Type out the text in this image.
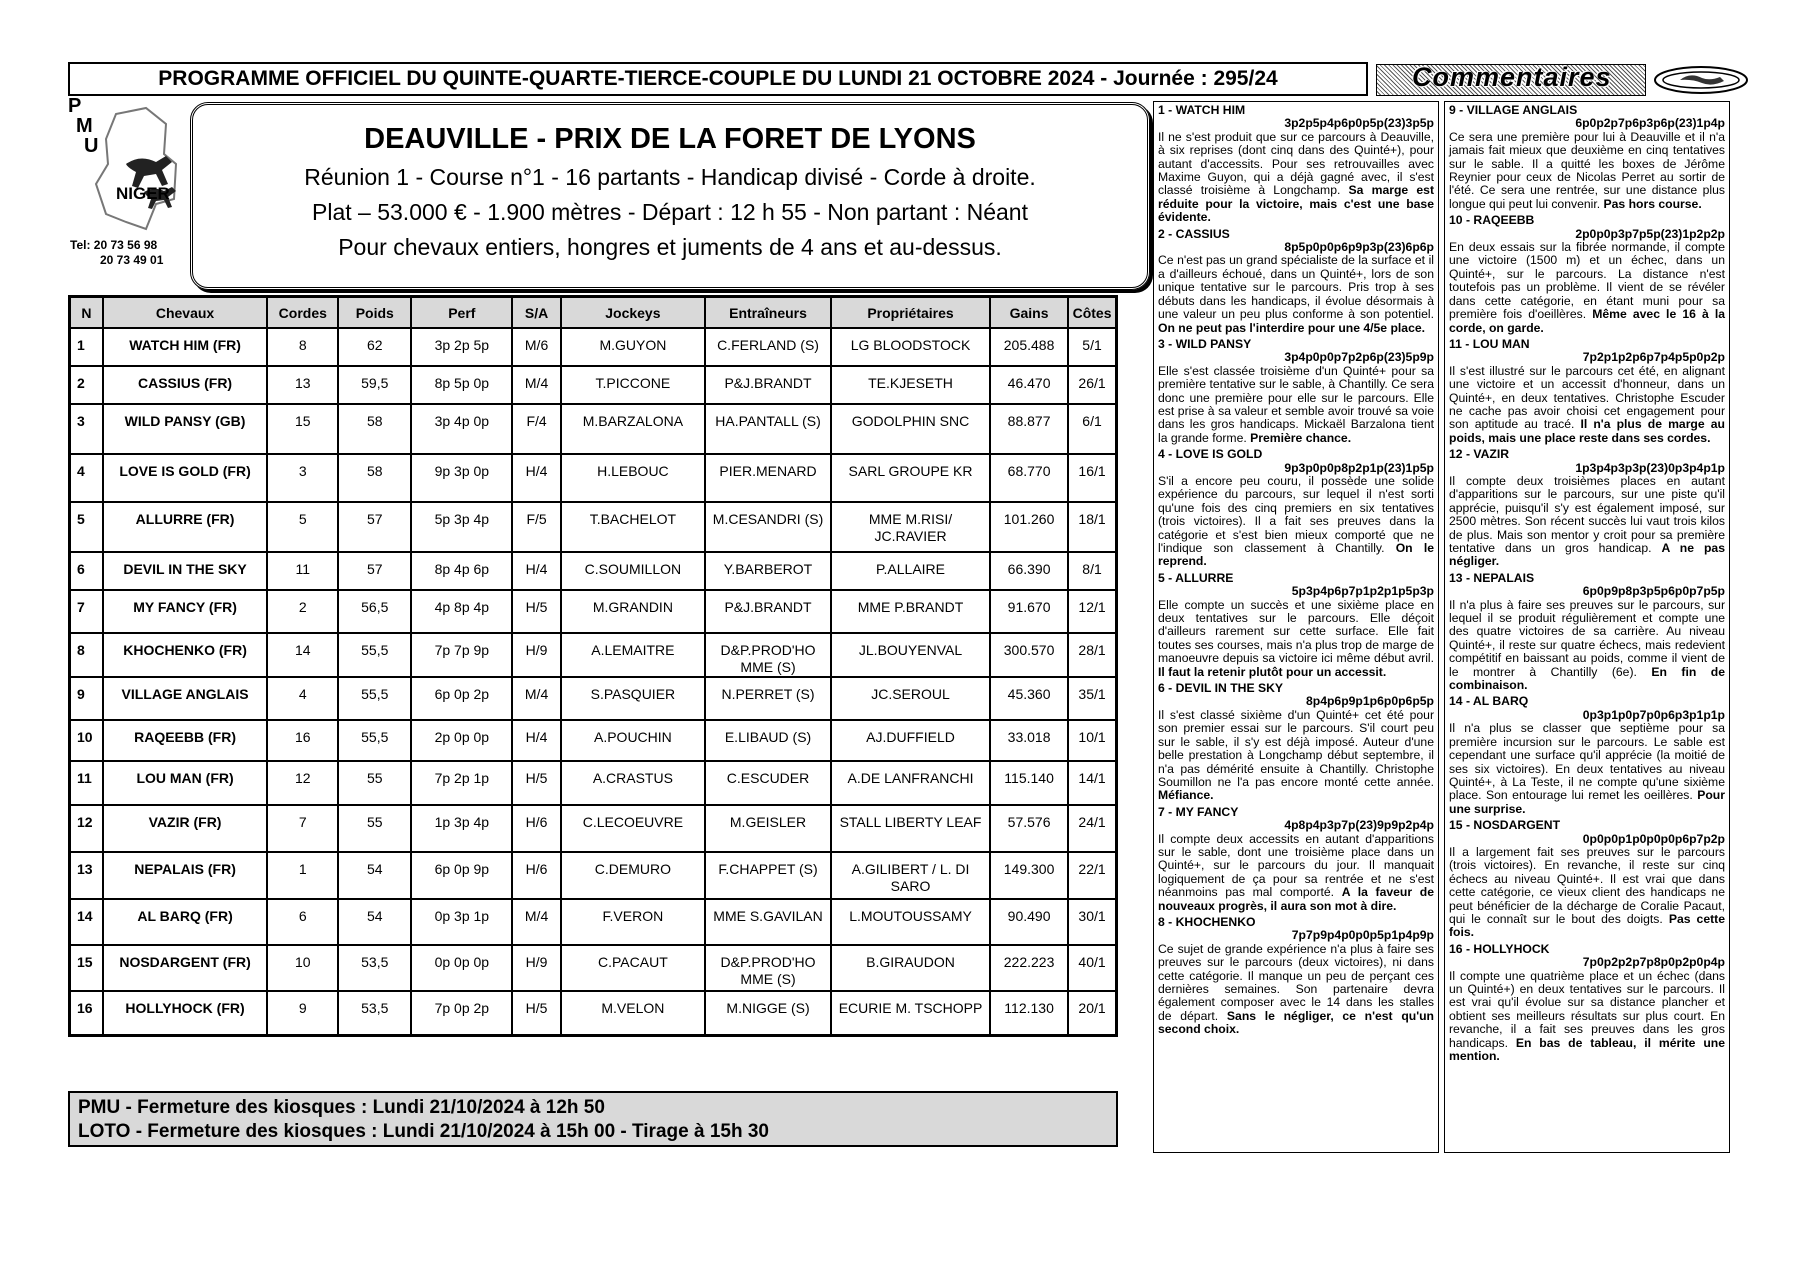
PROGRAMME OFFICIEL DU QUINTE-QUARTE-TIERCE-COUPLE DU LUNDI 21 OCTOBRE 2024 - Journée : 295/24	Commentaires
P
M
U
NIGER
Tel: 20 73 56 98
20 73 49 01
DEAUVILLE - PRIX DE LA FORET DE LYONS
Réunion 1 - Course n°1 - 16 partants - Handicap divisé - Corde à droite.
Plat – 53.000 € - 1.900 mètres - Départ : 12 h 55 - Non partant : Néant
Pour chevaux entiers, hongres et juments de 4 ans et au-dessus.
N	Chevaux	Cordes	Poids	Perf	S/A	Jockeys	Entraîneurs	Propriétaires	Gains	Côtes
1	WATCH HIM (FR)	8	62	3p 2p 5p	M/6	M.GUYON	C.FERLAND (S)	LG BLOODSTOCK	205.488	5/1
2	CASSIUS (FR)	13	59,5	8p 5p 0p	M/4	T.PICCONE	P&J.BRANDT	TE.KJESETH	46.470	26/1
3	WILD PANSY (GB)	15	58	3p 4p 0p	F/4	M.BARZALONA	HA.PANTALL (S)	GODOLPHIN SNC	88.877	6/1
4	LOVE IS GOLD (FR)	3	58	9p 3p 0p	H/4	H.LEBOUC	PIER.MENARD	SARL GROUPE KR	68.770	16/1
5	ALLURRE (FR)	5	57	5p 3p 4p	F/5	T.BACHELOT	M.CESANDRI (S)	MME M.RISI/ JC.RAVIER	101.260	18/1
6	DEVIL IN THE SKY	11	57	8p 4p 6p	H/4	C.SOUMILLON	Y.BARBEROT	P.ALLAIRE	66.390	8/1
7	MY FANCY (FR)	2	56,5	4p 8p 4p	H/5	M.GRANDIN	P&J.BRANDT	MME P.BRANDT	91.670	12/1
8	KHOCHENKO (FR)	14	55,5	7p 7p 9p	H/9	A.LEMAITRE	D&P.PROD'HO MME (S)	JL.BOUYENVAL	300.570	28/1
9	VILLAGE ANGLAIS	4	55,5	6p 0p 2p	M/4	S.PASQUIER	N.PERRET (S)	JC.SEROUL	45.360	35/1
10	RAQEEBB (FR)	16	55,5	2p 0p 0p	H/4	A.POUCHIN	E.LIBAUD (S)	AJ.DUFFIELD	33.018	10/1
11	LOU MAN (FR)	12	55	7p 2p 1p	H/5	A.CRASTUS	C.ESCUDER	A.DE LANFRANCHI	115.140	14/1
12	VAZIR (FR)	7	55	1p 3p 4p	H/6	C.LECOEUVRE	M.GEISLER	STALL LIBERTY LEAF	57.576	24/1
13	NEPALAIS (FR)	1	54	6p 0p 9p	H/6	C.DEMURO	F.CHAPPET (S)	A.GILIBERT / L. DI SARO	149.300	22/1
14	AL BARQ (FR)	6	54	0p 3p 1p	M/4	F.VERON	MME S.GAVILAN	L.MOUTOUSSAMY	90.490	30/1
15	NOSDARGENT (FR)	10	53,5	0p 0p 0p	H/9	C.PACAUT	D&P.PROD'HO MME (S)	B.GIRAUDON	222.223	40/1
16	HOLLYHOCK (FR)	9	53,5	7p 0p 2p	H/5	M.VELON	M.NIGGE (S)	ECURIE M. TSCHOPP	112.130	20/1
PMU - Fermeture des kiosques : Lundi 21/10/2024 à 12h 50
LOTO - Fermeture des kiosques : Lundi 21/10/2024 à 15h 00 - Tirage à 15h 30
1 - WATCH HIM
3p2p5p4p6p0p5p(23)3p5p
Il ne s'est produit que sur ce parcours à Deauville, à six reprises (dont cinq dans des Quinté+), pour autant d'accessits. Pour ses retrouvailles avec Maxime Guyon, qui a déjà gagné avec, il s'est classé troisième à Longchamp. Sa marge est réduite pour la victoire, mais c'est une base évidente.
2 - CASSIUS
8p5p0p0p6p9p3p(23)6p6p
Ce n'est pas un grand spécialiste de la surface et il a d'ailleurs échoué, dans un Quinté+, lors de son unique tentative sur le parcours. Pris trop à ses débuts dans les handicaps, il évolue désormais à une valeur un peu plus conforme à son potentiel. On ne peut pas l'interdire pour une 4/5e place.
3 - WILD PANSY
3p4p0p0p7p2p6p(23)5p9p
Elle s'est classée troisième d'un Quinté+ pour sa première tentative sur le sable, à Chantilly. Ce sera donc une première pour elle sur le parcours. Elle est prise à sa valeur et semble avoir trouvé sa voie dans les gros handicaps. Mickaël Barzalona tient la grande forme. Première chance.
4 - LOVE IS GOLD
9p3p0p0p8p2p1p(23)1p5p
S'il a encore peu couru, il possède une solide expérience du parcours, sur lequel il n'est sorti qu'une fois des cinq premiers en six tentatives (trois victoires). Il a fait ses preuves dans la catégorie et s'est bien mieux comporté que ne l'indique son classement à Chantilly. On le reprend.
5 - ALLURRE
5p3p4p6p7p1p2p1p5p3p
Elle compte un succès et une sixième place en deux tentatives sur le parcours. Elle déçoit d'ailleurs rarement sur cette surface. Elle fait toutes ses courses, mais n'a plus trop de marge de manoeuvre depuis sa victoire ici même début avril. Il faut la retenir plutôt pour un accessit.
6 - DEVIL IN THE SKY
8p4p6p9p1p6p0p6p5p
Il s'est classé sixième d'un Quinté+ cet été pour son premier essai sur le parcours. S'il court peu sur le sable, il s'y est déjà imposé. Auteur d'une belle prestation à Longchamp début septembre, il n'a pas démérité ensuite à Chantilly. Christophe Soumillon ne l'a pas encore monté cette année. Méfiance.
7 - MY FANCY
4p8p4p3p7p(23)9p9p2p4p
Il compte deux accessits en autant d'apparitions sur le sable, dont une troisième place dans un Quinté+, sur le parcours du jour. Il manquait logiquement de ça pour sa rentrée et ne s'est néanmoins pas mal comporté. A la faveur de nouveaux progrès, il aura son mot à dire.
8 - KHOCHENKO
7p7p9p4p0p0p5p1p4p9p
Ce sujet de grande expérience n'a plus à faire ses preuves sur le parcours (deux victoires), ni dans cette catégorie. Il manque un peu de perçant ces dernières semaines. Son partenaire devra également composer avec le 14 dans les stalles de départ. Sans le négliger, ce n'est qu'un second choix.
9 - VILLAGE ANGLAIS
6p0p2p7p6p3p6p(23)1p4p
Ce sera une première pour lui à Deauville et il n'a jamais fait mieux que deuxième en cinq tentatives sur le sable. Il a quitté les boxes de Jérôme Reynier pour ceux de Nicolas Perret au sortir de l'été. Ce sera une rentrée, sur une distance plus longue qui peut lui convenir. Pas hors course.
10 - RAQEEBB
2p0p0p3p7p5p(23)1p2p2p
En deux essais sur la fibrée normande, il compte une victoire (1500 m) et un échec, dans un Quinté+, sur le parcours. La distance n'est toutefois pas un problème. Il vient de se révéler dans cette catégorie, en étant muni pour sa première fois d'oeillères. Même avec le 16 à la corde, on garde.
11 - LOU MAN
7p2p1p2p6p7p4p5p0p2p
Il s'est illustré sur le parcours cet été, en alignant une victoire et un accessit d'honneur, dans un Quinté+, en deux tentatives. Christophe Escuder ne cache pas avoir choisi cet engagement pour son aptitude au tracé. Il n'a plus de marge au poids, mais une place reste dans ses cordes.
12 - VAZIR
1p3p4p3p3p(23)0p3p4p1p
Il compte deux troisièmes places en autant d'apparitions sur le parcours, sur une piste qu'il apprécie, puisqu'il s'y est également imposé, sur 2500 mètres. Son récent succès lui vaut trois kilos de plus. Mais son mentor y croit pour sa première tentative dans un gros handicap. A ne pas négliger.
13 - NEPALAIS
6p0p9p8p3p5p6p0p7p5p
Il n'a plus à faire ses preuves sur le parcours, sur lequel il se produit régulièrement et compte une des quatre victoires de sa carrière. Au niveau Quinté+, il reste sur quatre échecs, mais redevient compétitif en baissant au poids, comme il vient de le montrer à Chantilly (6e). En fin de combinaison.
14 - AL BARQ
0p3p1p0p7p0p6p3p1p1p
Il n'a plus se classer que septième pour sa première incursion sur le parcours. Le sable est cependant une surface qu'il apprécie (la moitié de ses six victoires). En deux tentatives au niveau Quinté+, à La Teste, il ne compte qu'une sixième place. Son entourage lui remet les oeillères. Pour une surprise.
15 - NOSDARGENT
0p0p0p1p0p0p0p6p7p2p
Il a largement fait ses preuves sur le parcours (trois victoires). En revanche, il reste sur cinq échecs au niveau Quinté+. Il est vrai que dans cette catégorie, ce vieux client des handicaps ne peut bénéficier de la décharge de Coralie Pacaut, qui le connaît sur le bout des doigts. Pas cette fois.
16 - HOLLYHOCK
7p0p2p2p7p8p0p2p0p4p
Il compte une quatrième place et un échec (dans un Quinté+) en deux tentatives sur le parcours. Il est vrai qu'il évolue sur sa distance plancher et obtient ses meilleurs résultats sur plus court. En revanche, il a fait ses preuves dans les gros handicaps. En bas de tableau, il mérite une mention.
